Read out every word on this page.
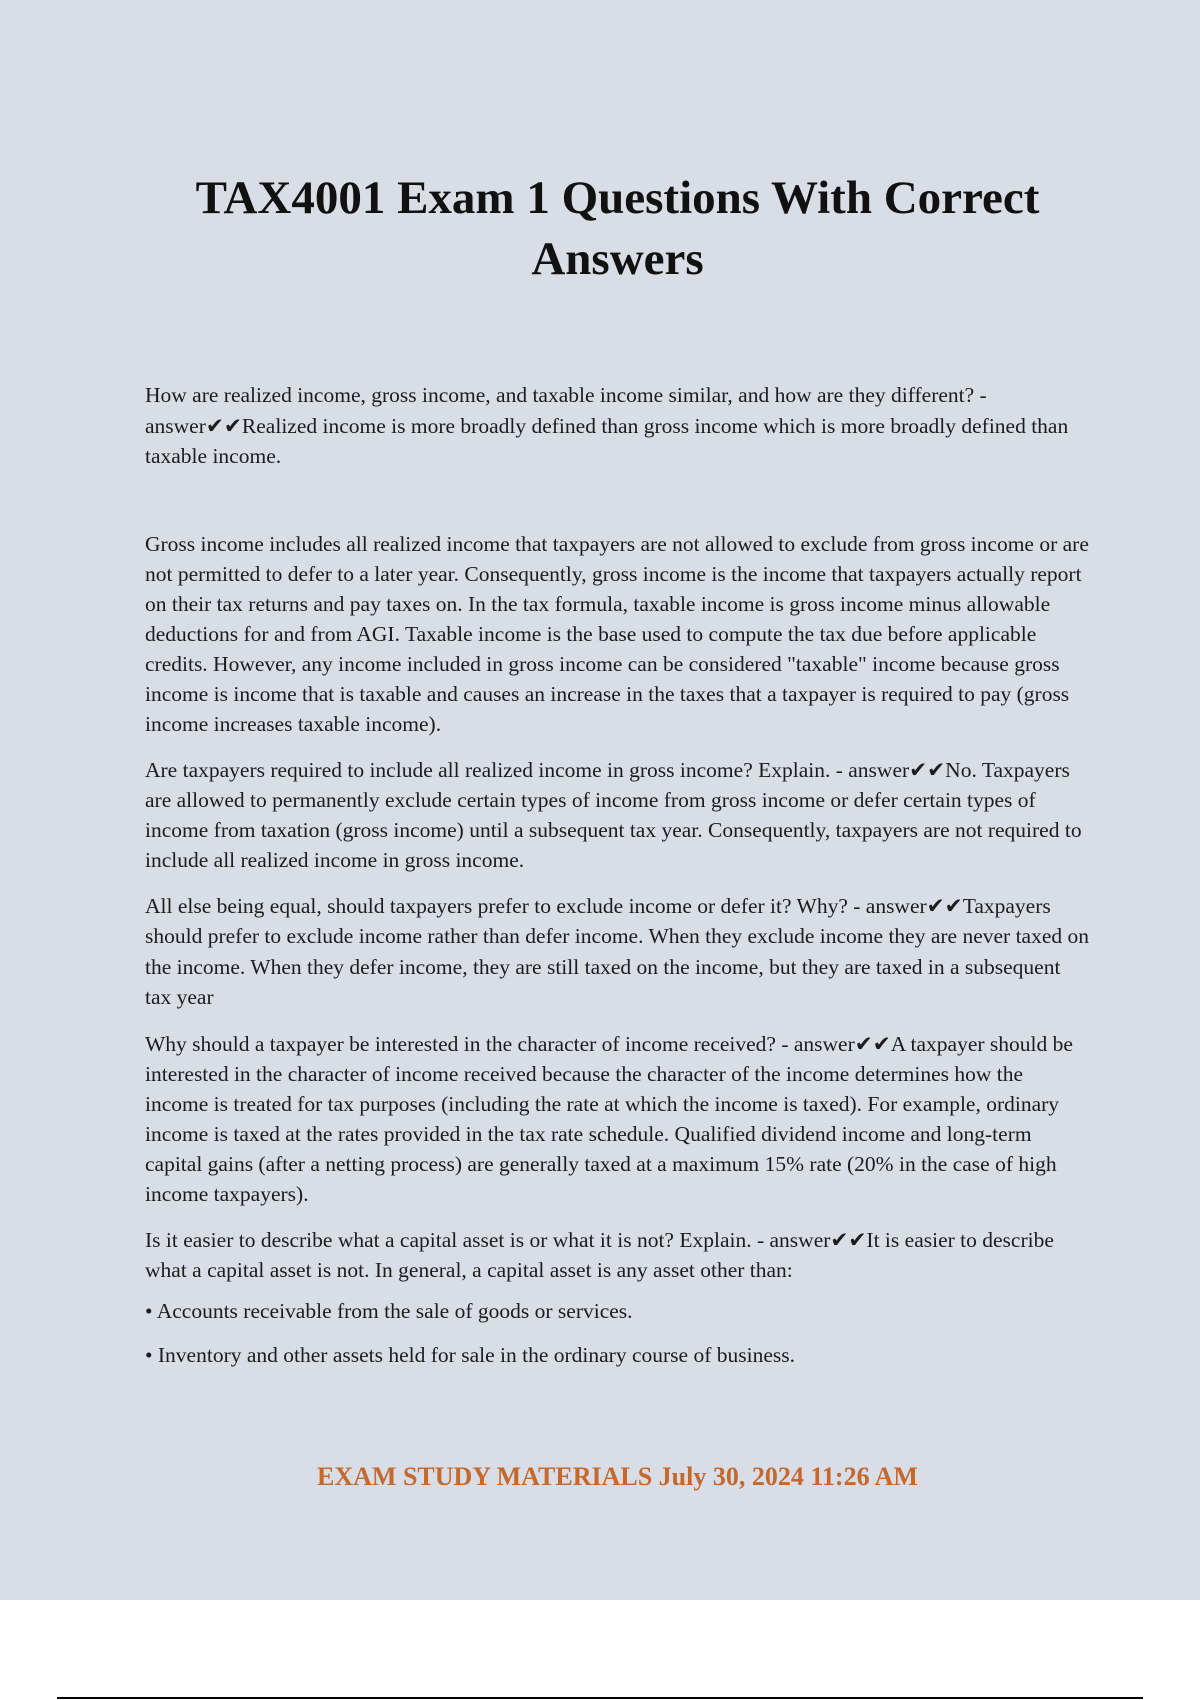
TAX4001 Exam 1 Questions With Correct Answers

How are realized income, gross income, and taxable income similar, and how are they different? - answer✔✔Realized income is more broadly defined than gross income which is more broadly defined than taxable income.

Gross income includes all realized income that taxpayers are not allowed to exclude from gross income or are not permitted to defer to a later year. Consequently, gross income is the income that taxpayers actually report on their tax returns and pay taxes on. In the tax formula, taxable income is gross income minus allowable deductions for and from AGI. Taxable income is the base used to compute the tax due before applicable credits. However, any income included in gross income can be considered "taxable" income because gross income is income that is taxable and causes an increase in the taxes that a taxpayer is required to pay (gross income increases taxable income).

Are taxpayers required to include all realized income in gross income? Explain. - answer✔✔No. Taxpayers are allowed to permanently exclude certain types of income from gross income or defer certain types of income from taxation (gross income) until a subsequent tax year. Consequently, taxpayers are not required to include all realized income in gross income.

All else being equal, should taxpayers prefer to exclude income or defer it? Why? - answer✔✔Taxpayers should prefer to exclude income rather than defer income. When they exclude income they are never taxed on the income. When they defer income, they are still taxed on the income, but they are taxed in a subsequent tax year

Why should a taxpayer be interested in the character of income received? - answer✔✔A taxpayer should be interested in the character of income received because the character of the income determines how the income is treated for tax purposes (including the rate at which the income is taxed). For example, ordinary income is taxed at the rates provided in the tax rate schedule. Qualified dividend income and long-term capital gains (after a netting process) are generally taxed at a maximum 15% rate (20% in the case of high income taxpayers).

Is it easier to describe what a capital asset is or what it is not? Explain. - answer✔✔It is easier to describe what a capital asset is not. In general, a capital asset is any asset other than:

• Accounts receivable from the sale of goods or services.

• Inventory and other assets held for sale in the ordinary course of business.

EXAM STUDY MATERIALS July 30, 2024 11:26 AM
